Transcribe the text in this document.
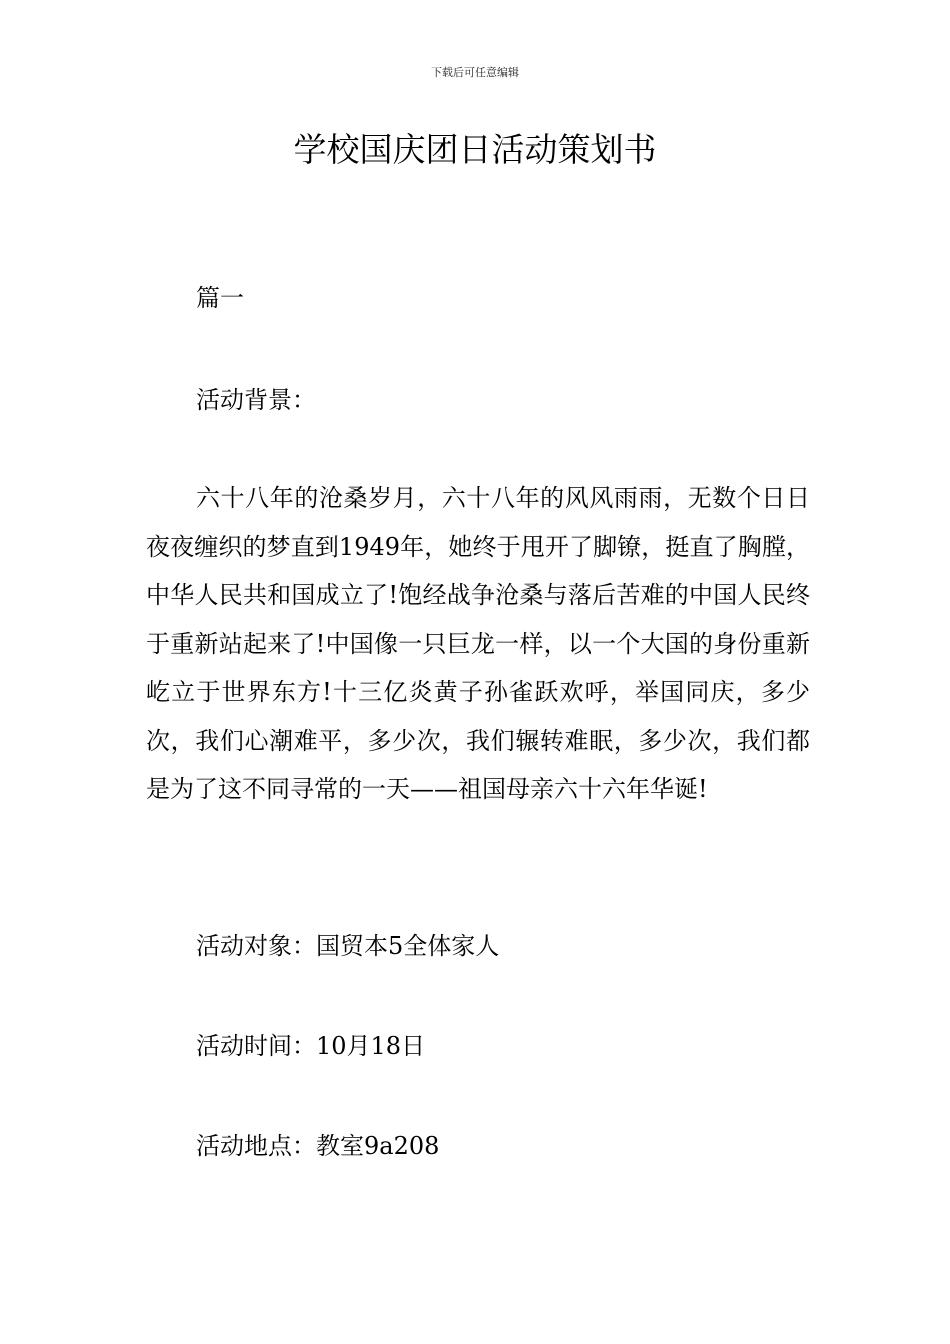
下载后可任意编辑
学校国庆团日活动策划书

篇一

活动背景：

六十八年的沧桑岁月，六十八年的风风雨雨，无数个日日夜夜缠织的梦直到1949年，她终于甩开了脚镣，挺直了胸膛，中华人民共和国成立了!饱经战争沧桑与落后苦难的中国人民终于重新站起来了!中国像一只巨龙一样，以一个大国的身份重新屹立于世界东方!十三亿炎黄子孙雀跃欢呼，举国同庆，多少次，我们心潮难平，多少次，我们辗转难眠，多少次，我们都是为了这不同寻常的一天——祖国母亲六十六年华诞!

活动对象：国贸本5全体家人

活动时间：10月18日

活动地点：教室9a208
